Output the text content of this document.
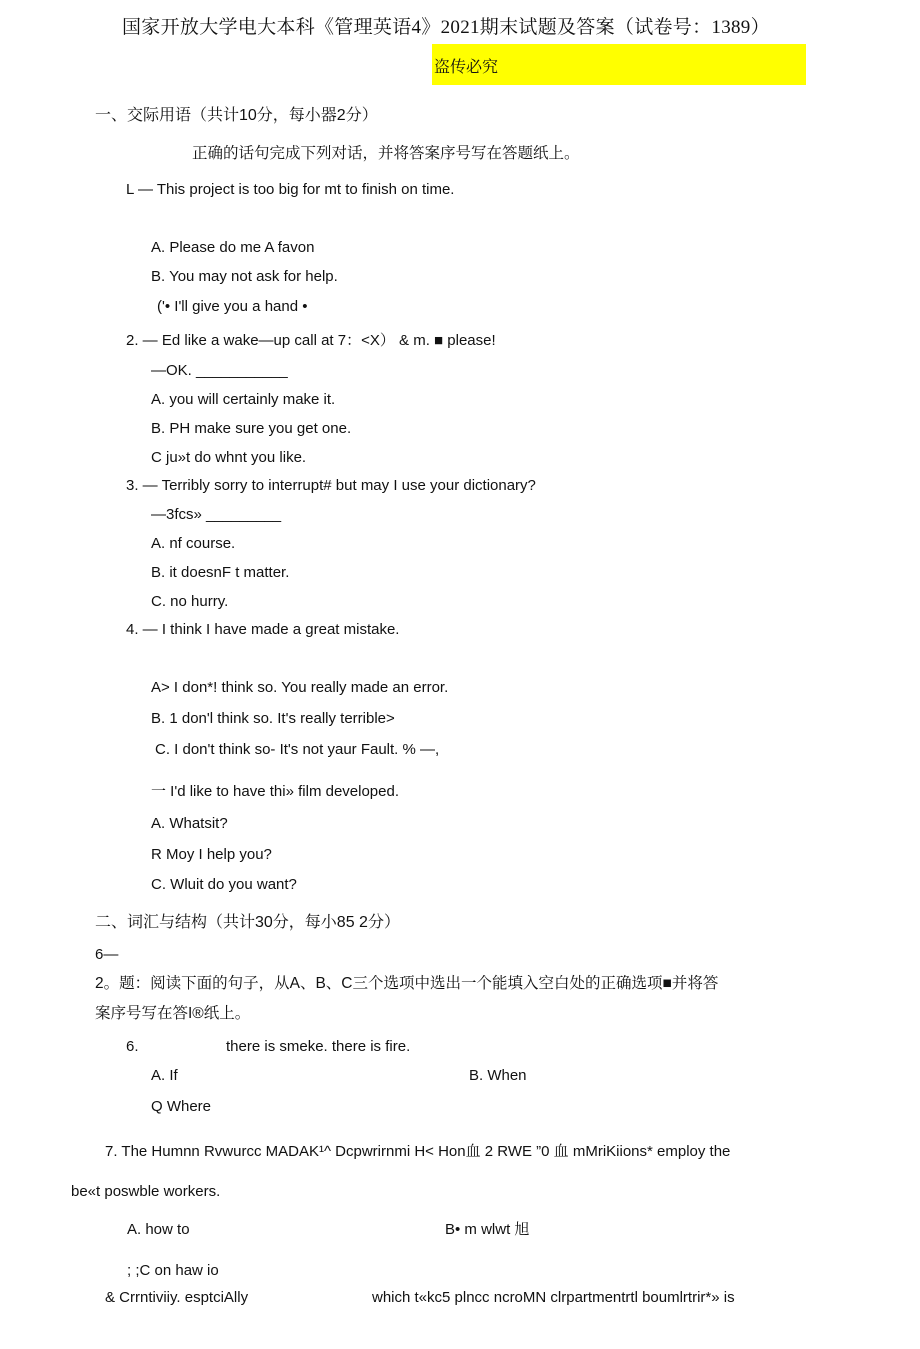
国家开放大学电大本科《管理英语4》2021期末试题及答案（试卷号：1389）
盗传必究
一、交际用语（共计10分，每小器2分）
正确的话句完成下列对话，并将答案序号写在答题纸上。
L — This project is too big for mt to finish on time.
A. Please do me A favon
B. You may not ask for help.
('• I'll give you a hand •
2. — Ed like a wake—up call at 7：<X） & m. ■ please!
—OK. ___________
A. you will certainly make it.
B. PH make sure you get one.
C ju»t do whnt you like.
3. — Terribly sorry to interrupt# but may I use your dictionary?
—3fcs» _________
A. nf course.
B. it doesnF t matter.
C. no hurry.
4. — I think I have made a great mistake.
A> I don*! think so. You really made an error.
B. 1 don'l think so. It's really terrible>
C. I don't think so- It's not yaur Fault. % —,
一 I'd like to have thi» film developed.
A. Whatsit?
R Moy I help you?
C. Wluit do you want?
二、词汇与结构（共计30分，每小85 2分）
6—
2。题：阅读下面的句子，从A、B、C三个选项中选出一个能填入空白处的正确选项■并将答
案序号写在答I®纸上。
6.	there is smeke. there is fire.
A. If	B. When
Q Where
7. The Humnn Rvwurcc MADAK¹^ Dcpwrirnmi H< Hon血 2 RWE ”0 血 mMriKiions* employ the
be«t poswble workers.
A. how to	B• m wlwt 旭
; ;C on haw io
& Crrntiviiy. esptciAlly	which t«kc5 plncc ncroMN clrpartmentrtl boumlrtrir*» is
